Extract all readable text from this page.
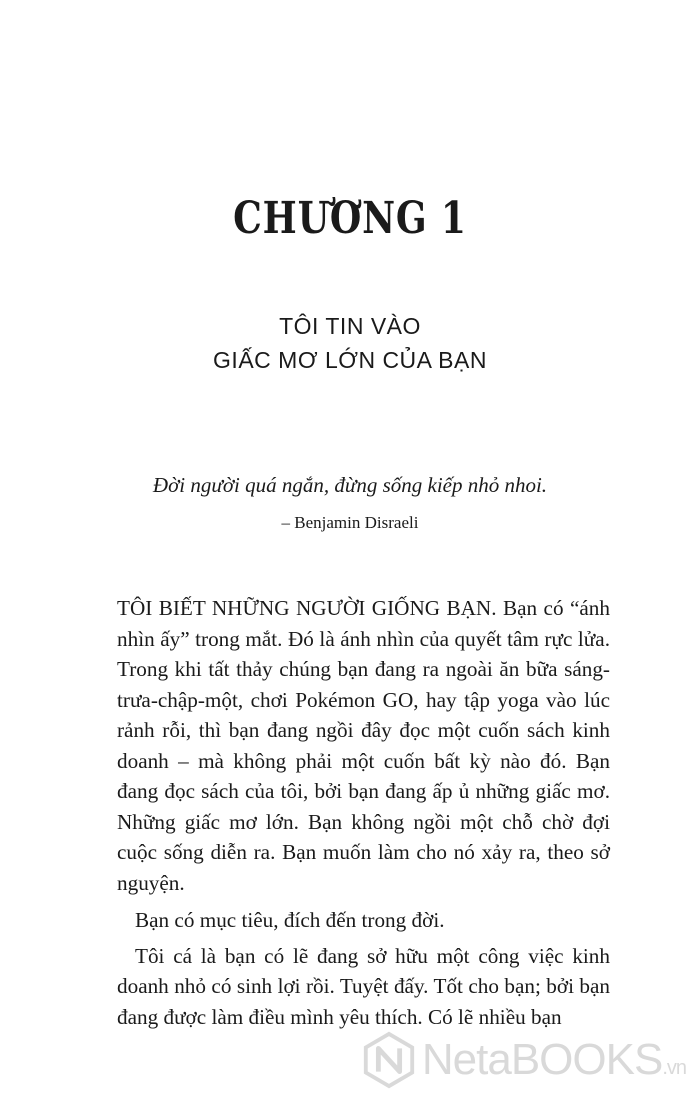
CHƯƠNG 1

TÔI TIN VÀO

GIẤC MƠ LỚN CỦA BẠN

Đời người quá ngắn, đừng sống kiếp nhỏ nhoi.

– Benjamin Disraeli

TÔI BIẾT NHỮNG NGƯỜI GIỐNG BẠN. Bạn có “ánh nhìn ấy” trong mắt. Đó là ánh nhìn của quyết tâm rực lửa. Trong khi tất thảy chúng bạn đang ra ngoài ăn bữa sáng-trưa-chập-một, chơi Pokémon GO, hay tập yoga vào lúc rảnh rỗi, thì bạn đang ngồi đây đọc một cuốn sách kinh doanh – mà không phải một cuốn bất kỳ nào đó. Bạn đang đọc sách của tôi, bởi bạn đang ấp ủ những giấc mơ. Những giấc mơ lớn. Bạn không ngồi một chỗ chờ đợi cuộc sống diễn ra. Bạn muốn làm cho nó xảy ra, theo sở nguyện.

Bạn có mục tiêu, đích đến trong đời.

Tôi cá là bạn có lẽ đang sở hữu một công việc kinh doanh nhỏ có sinh lợi rồi. Tuyệt đấy. Tốt cho bạn; bởi bạn đang được làm điều mình yêu thích. Có lẽ nhiều bạn

NetaBOOKS.vn
